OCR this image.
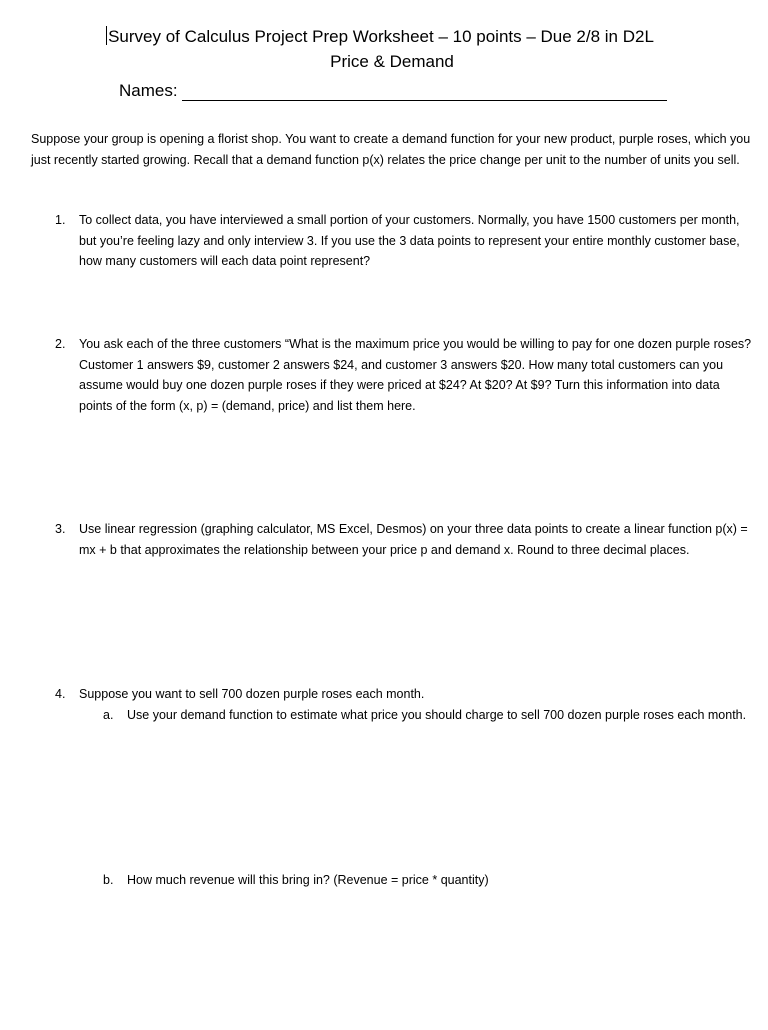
Survey of Calculus Project Prep Worksheet – 10 points – Due 2/8 in D2L
Price & Demand
Names:
Suppose your group is opening a florist shop. You want to create a demand function for your new product, purple roses, which you just recently started growing. Recall that a demand function p(x) relates the price change per unit to the number of units you sell.
1.	To collect data, you have interviewed a small portion of your customers. Normally, you have 1500 customers per month, but you’re feeling lazy and only interview 3. If you use the 3 data points to represent your entire monthly customer base, how many customers will each data point represent?
2.	You ask each of the three customers “What is the maximum price you would be willing to pay for one dozen purple roses? Customer 1 answers $9, customer 2 answers $24, and customer 3 answers $20. How many total customers can you assume would buy one dozen purple roses if they were priced at $24? At $20? At $9? Turn this information into data points of the form (x, p) = (demand, price) and list them here.
3.	Use linear regression (graphing calculator, MS Excel, Desmos) on your three data points to create a linear function p(x) = mx + b that approximates the relationship between your price p and demand x. Round to three decimal places.
4.	Suppose you want to sell 700 dozen purple roses each month.
a.	Use your demand function to estimate what price you should charge to sell 700 dozen purple roses each month.
b.	How much revenue will this bring in? (Revenue = price * quantity)
